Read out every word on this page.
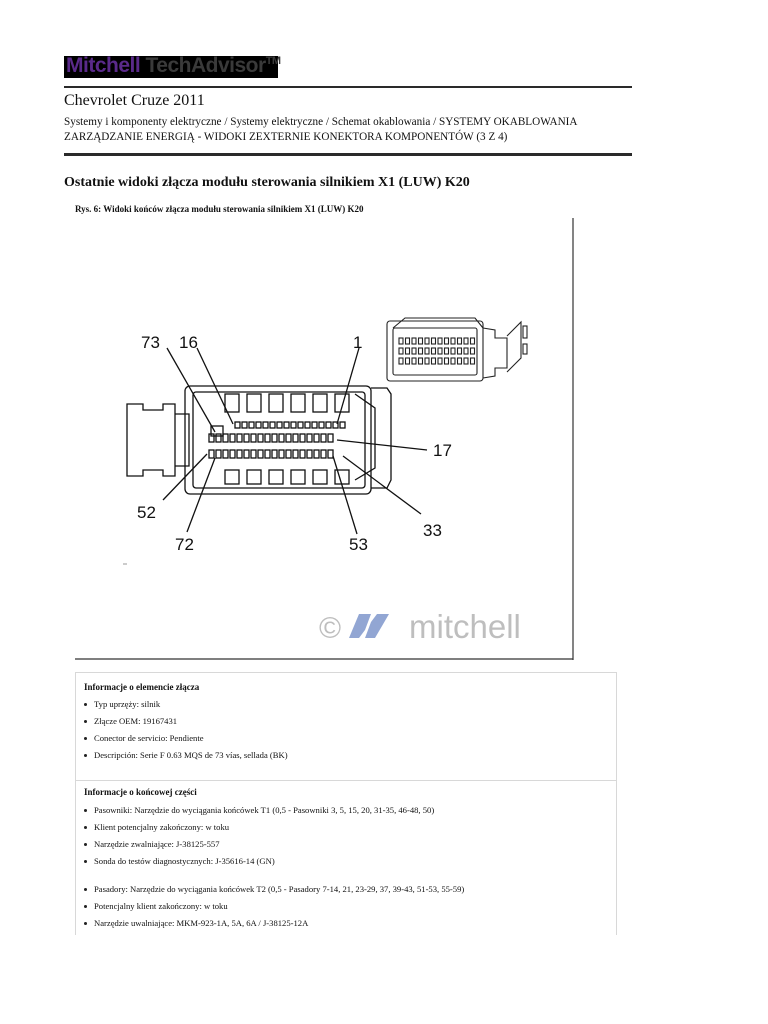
Mitchell TechAdvisor™
Chevrolet Cruze 2011
Systemy i komponenty elektryczne / Systemy elektryczne / Schemat okablowania / SYSTEMY OKABLOWANIA
ZARZĄDZANIE ENERGIĄ - WIDOKI ZEXTERNIE KONEKTORA KOMPONENTÓW (3 Z 4)
Ostatnie widoki złącza modułu sterowania silnikiem X1 (LUW) K20
Rys. 6: Widoki końców złącza modułu sterowania silnikiem X1 (LUW) K20
73 16	1
17
52
72	53
33
© mitchell
Informacje o elemencie złącza
Typ uprzęży: silnik
Złącze OEM: 19167431
Conector de servicio: Pendiente
Descripción: Serie F 0.63 MQS de 73 vías, sellada (BK)
Informacje o końcowej części
Pasowniki: Narzędzie do wyciągania końcówek T1 (0,5 - Pasowniki 3, 5, 15, 20, 31-35, 46-48, 50)
Klient potencjalny zakończony: w toku
Narzędzie zwalniające: J-38125-557
Sonda do testów diagnostycznych: J-35616-14 (GN)
Pasadory: Narzędzie do wyciągania końcówek T2 (0,5 - Pasadory 7-14, 21, 23-29, 37, 39-43, 51-53, 55-59)
Potencjalny klient zakończony: w toku
Narzędzie uwalniające: MKM-923-1A, 5A, 6A / J-38125-12A
